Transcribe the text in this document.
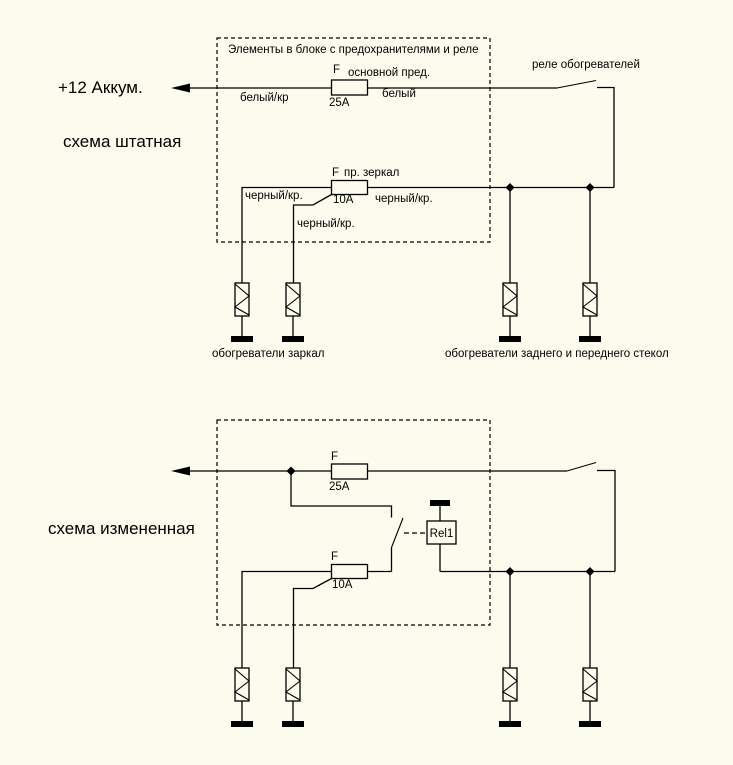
+12 Аккум.
схема штатная
схема измененная
Элементы в блоке с предохранителями и реле
реле обогревателей
F основной пред.
25A
F пр. зеркал
10A
белый/кр	белый
черный/кр.	черный/кр.
черный/кр.
обогреватели заркал	обогреватели заднего и переднего стекол
F
25A
Rel1
F
10A
